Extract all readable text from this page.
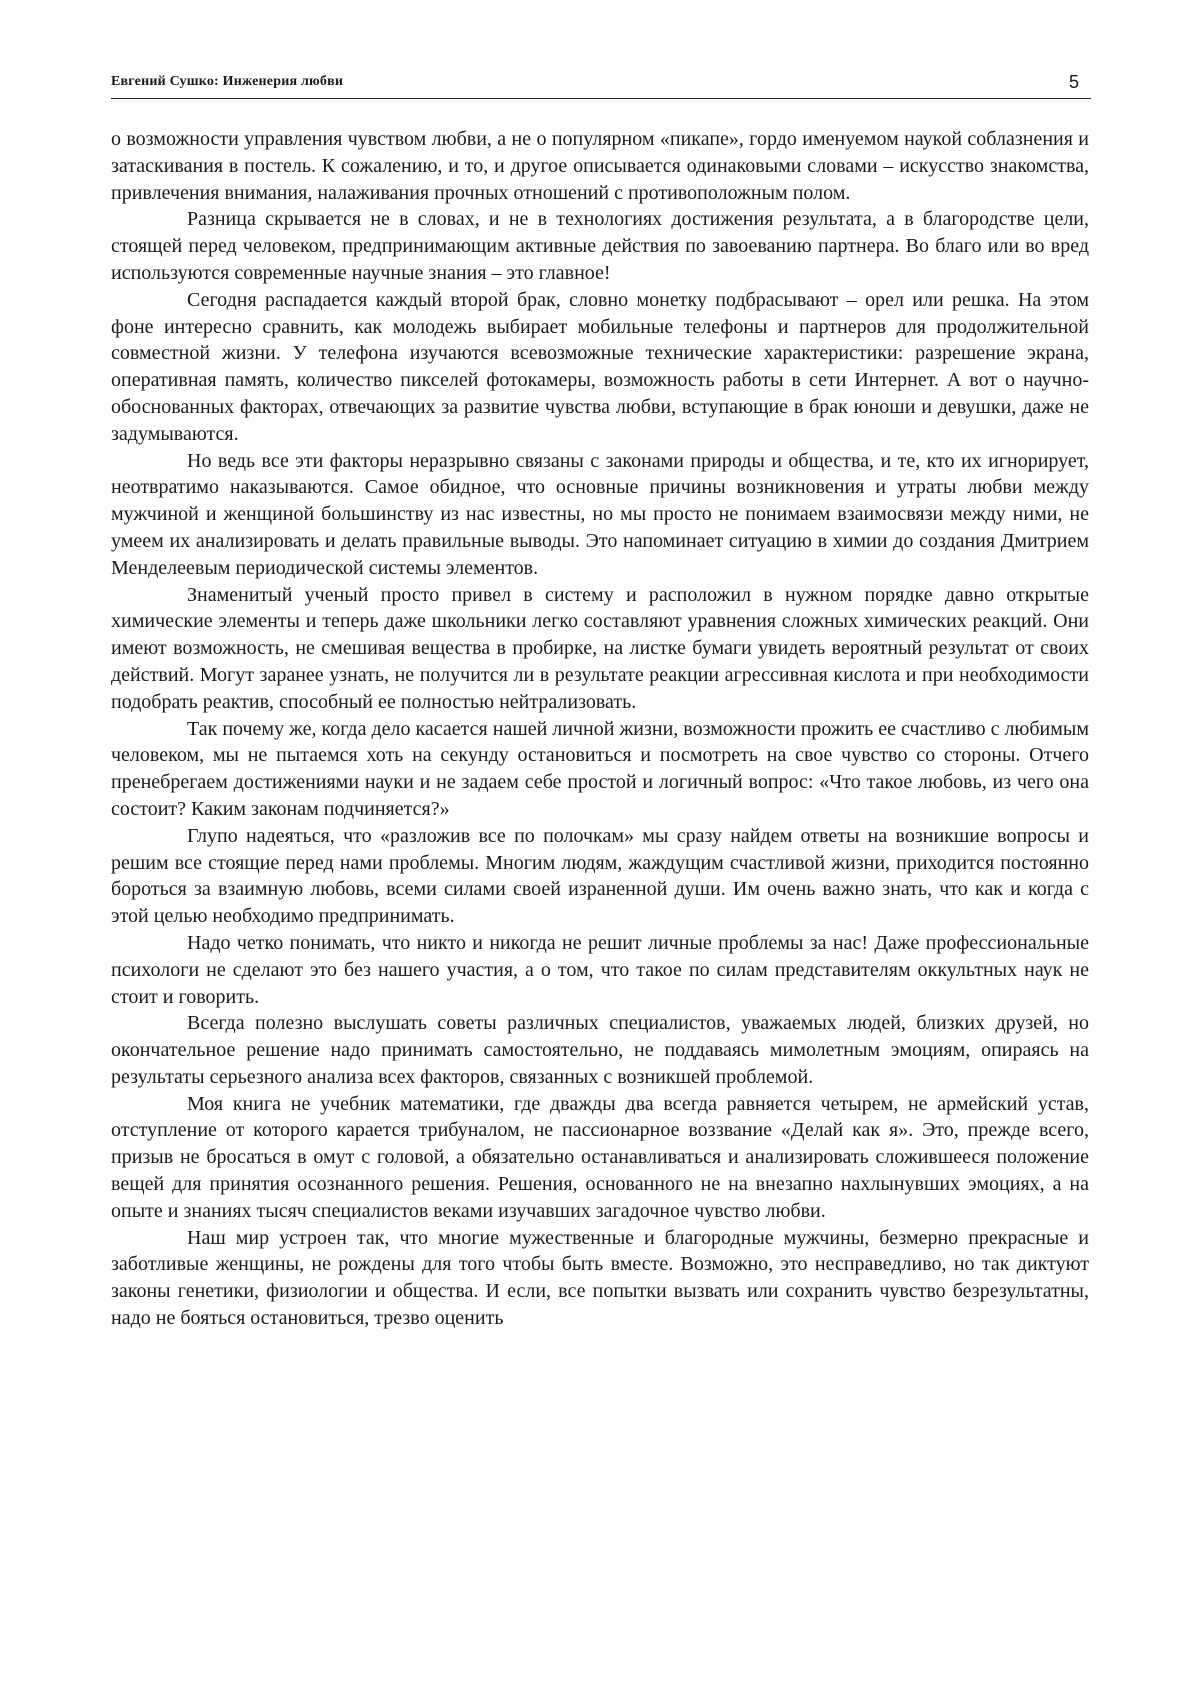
Евгений Сушко: Инженерия любви	5

о возможности управления чувством любви, а не о популярном «пикапе», гордо именуемом наукой соблазнения и затаскивания в постель. К сожалению, и то, и другое описывается одинаковыми словами – искусство знакомства, привлечения внимания, налаживания прочных отношений с противоположным полом.

Разница скрывается не в словах, и не в технологиях достижения результата, а в благородстве цели, стоящей перед человеком, предпринимающим активные действия по завоеванию партнера. Во благо или во вред используются современные научные знания – это главное!

Сегодня распадается каждый второй брак, словно монетку подбрасывают – орел или решка. На этом фоне интересно сравнить, как молодежь выбирает мобильные телефоны и партнеров для продолжительной совместной жизни. У телефона изучаются всевозможные технические характеристики: разрешение экрана, оперативная память, количество пикселей фотокамеры, возможность работы в сети Интернет. А вот о научно-обоснованных факторах, отвечающих за развитие чувства любви, вступающие в брак юноши и девушки, даже не задумываются.

Но ведь все эти факторы неразрывно связаны с законами природы и общества, и те, кто их игнорирует, неотвратимо наказываются. Самое обидное, что основные причины возникновения и утраты любви между мужчиной и женщиной большинству из нас известны, но мы просто не понимаем взаимосвязи между ними, не умеем их анализировать и делать правильные выводы. Это напоминает ситуацию в химии до создания Дмитрием Менделеевым периодической системы элементов.

Знаменитый ученый просто привел в систему и расположил в нужном порядке давно открытые химические элементы и теперь даже школьники легко составляют уравнения сложных химических реакций. Они имеют возможность, не смешивая вещества в пробирке, на листке бумаги увидеть вероятный результат от своих действий. Могут заранее узнать, не получится ли в результате реакции агрессивная кислота и при необходимости подобрать реактив, способный ее полностью нейтрализовать.

Так почему же, когда дело касается нашей личной жизни, возможности прожить ее счастливо с любимым человеком, мы не пытаемся хоть на секунду остановиться и посмотреть на свое чувство со стороны. Отчего пренебрегаем достижениями науки и не задаем себе простой и логичный вопрос: «Что такое любовь, из чего она состоит? Каким законам подчиняется?»

Глупо надеяться, что «разложив все по полочкам» мы сразу найдем ответы на возникшие вопросы и решим все стоящие перед нами проблемы. Многим людям, жаждущим счастливой жизни, приходится постоянно бороться за взаимную любовь, всеми силами своей израненной души. Им очень важно знать, что как и когда с этой целью необходимо предпринимать.

Надо четко понимать, что никто и никогда не решит личные проблемы за нас! Даже профессиональные психологи не сделают это без нашего участия, а о том, что такое по силам представителям оккультных наук не стоит и говорить.

Всегда полезно выслушать советы различных специалистов, уважаемых людей, близких друзей, но окончательное решение надо принимать самостоятельно, не поддаваясь мимолетным эмоциям, опираясь на результаты серьезного анализа всех факторов, связанных с возникшей проблемой.

Моя книга не учебник математики, где дважды два всегда равняется четырем, не армейский устав, отступление от которого карается трибуналом, не пассионарное воззвание «Делай как я». Это, прежде всего, призыв не бросаться в омут с головой, а обязательно останавливаться и анализировать сложившееся положение вещей для принятия осознанного решения. Решения, основанного не на внезапно нахлынувших эмоциях, а на опыте и знаниях тысяч специалистов веками изучавших загадочное чувство любви.

Наш мир устроен так, что многие мужественные и благородные мужчины, безмерно прекрасные и заботливые женщины, не рождены для того чтобы быть вместе. Возможно, это несправедливо, но так диктуют законы генетики, физиологии и общества. И если, все попытки вызвать или сохранить чувство безрезультатны, надо не бояться остановиться, трезво оценить
